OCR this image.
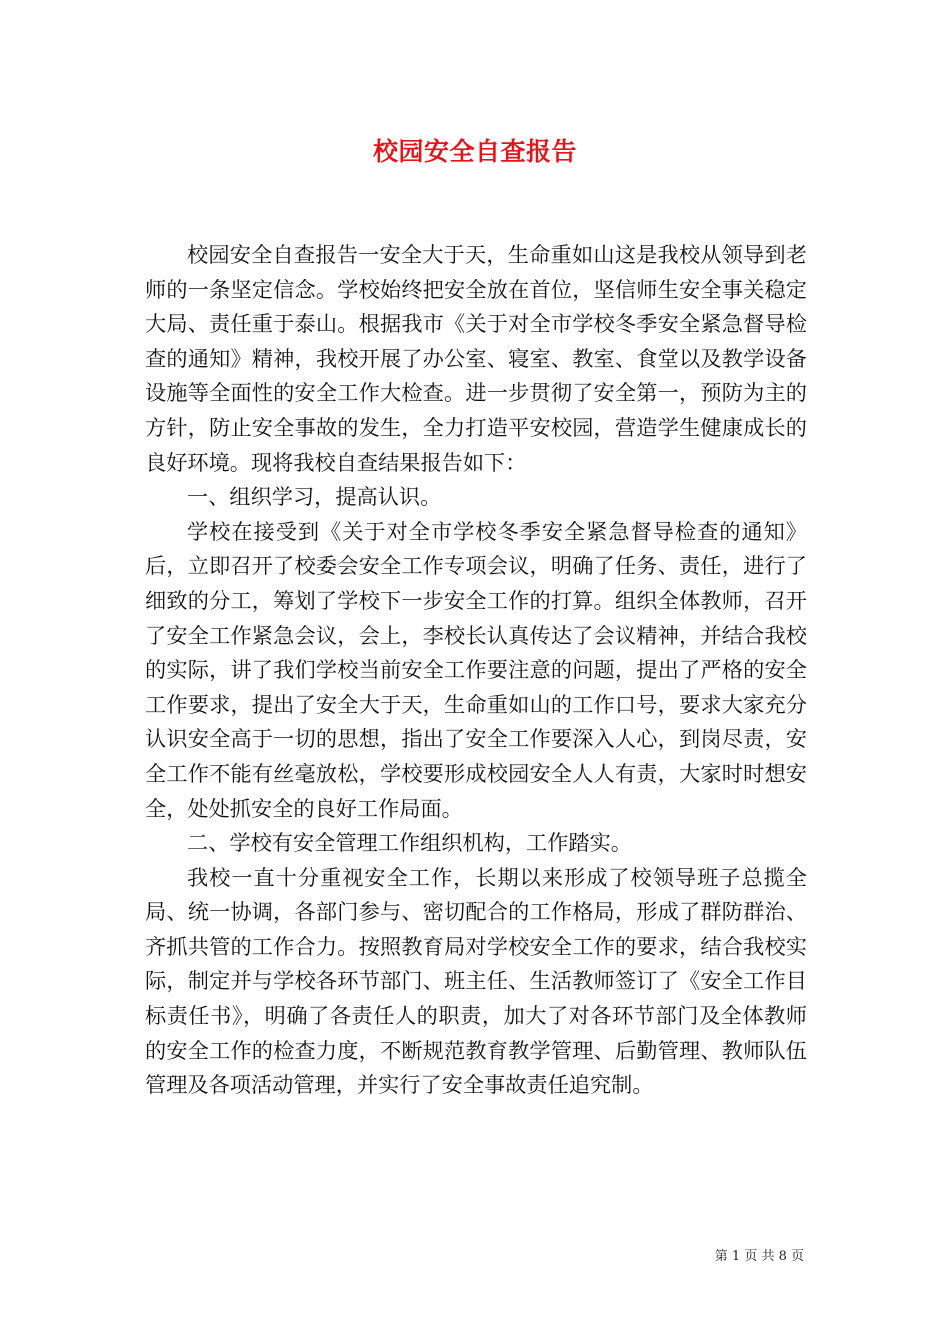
校园安全自查报告

校园安全自查报告一安全大于天，生命重如山这是我校从领导到老师的一条坚定信念。学校始终把安全放在首位，坚信师生安全事关稳定大局、责任重于泰山。根据我市《关于对全市学校冬季安全紧急督导检查的通知》精神，我校开展了办公室、寝室、教室、食堂以及教学设备设施等全面性的安全工作大检查。进一步贯彻了安全第一，预防为主的方针，防止安全事故的发生，全力打造平安校园，营造学生健康成长的良好环境。现将我校自查结果报告如下：

一、组织学习，提高认识。

学校在接受到《关于对全市学校冬季安全紧急督导检查的通知》后，立即召开了校委会安全工作专项会议，明确了任务、责任，进行了细致的分工，筹划了学校下一步安全工作的打算。组织全体教师，召开了安全工作紧急会议，会上，李校长认真传达了会议精神，并结合我校的实际，讲了我们学校当前安全工作要注意的问题，提出了严格的安全工作要求，提出了安全大于天，生命重如山的工作口号，要求大家充分认识安全高于一切的思想，指出了安全工作要深入人心，到岗尽责，安全工作不能有丝毫放松，学校要形成校园安全人人有责，大家时时想安全，处处抓安全的良好工作局面。

二、学校有安全管理工作组织机构，工作踏实。

我校一直十分重视安全工作，长期以来形成了校领导班子总揽全局、统一协调，各部门参与、密切配合的工作格局，形成了群防群治、齐抓共管的工作合力。按照教育局对学校安全工作的要求，结合我校实际，制定并与学校各环节部门、班主任、生活教师签订了《安全工作目标责任书》，明确了各责任人的职责，加大了对各环节部门及全体教师的安全工作的检查力度，不断规范教育教学管理、后勤管理、教师队伍管理及各项活动管理，并实行了安全事故责任追究制。

第 1 页 共 8 页
